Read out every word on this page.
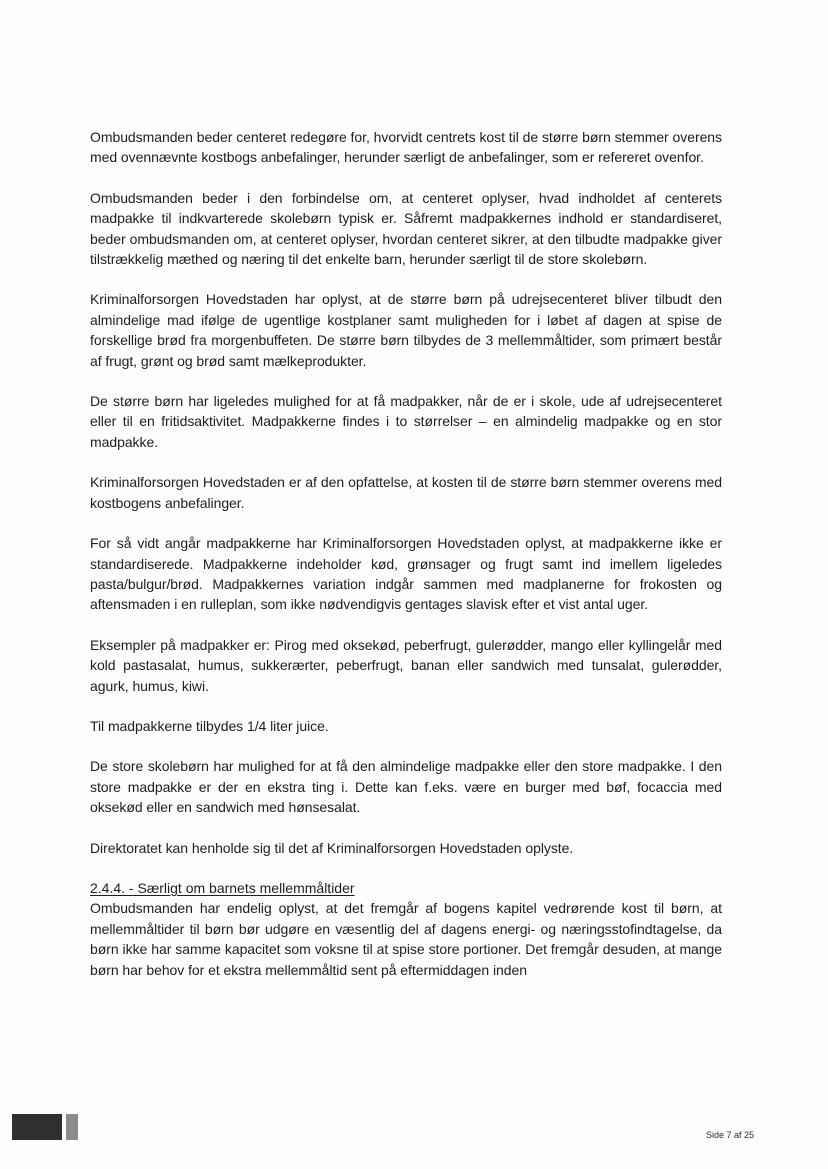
Ombudsmanden beder centeret redegøre for, hvorvidt centrets kost til de større børn stemmer overens med ovennævnte kostbogs anbefalinger, herunder særligt de anbefalinger, som er refereret ovenfor.

Ombudsmanden beder i den forbindelse om, at centeret oplyser, hvad indholdet af centerets madpakke til indkvarterede skolebørn typisk er. Såfremt madpakkernes indhold er standardiseret, beder ombudsmanden om, at centeret oplyser, hvordan centeret sikrer, at den tilbudte madpakke giver tilstrækkelig mæthed og næring til det enkelte barn, herunder særligt til de store skolebørn.

Kriminalforsorgen Hovedstaden har oplyst, at de større børn på udrejsecenteret bliver tilbudt den almindelige mad ifølge de ugentlige kostplaner samt muligheden for i løbet af dagen at spise de forskellige brød fra morgenbuffeten. De større børn tilbydes de 3 mellemmåltider, som primært består af frugt, grønt og brød samt mælkeprodukter.

De større børn har ligeledes mulighed for at få madpakker, når de er i skole, ude af udrejsecenteret eller til en fritidsaktivitet. Madpakkerne findes i to størrelser – en almindelig madpakke og en stor madpakke.

Kriminalforsorgen Hovedstaden er af den opfattelse, at kosten til de større børn stemmer overens med kostbogens anbefalinger.

For så vidt angår madpakkerne har Kriminalforsorgen Hovedstaden oplyst, at madpakkerne ikke er standardiserede. Madpakkerne indeholder kød, grønsager og frugt samt ind imellem ligeledes pasta/bulgur/brød. Madpakkernes variation indgår sammen med madplanerne for frokosten og aftensmaden i en rulleplan, som ikke nødvendigvis gentages slavisk efter et vist antal uger.

Eksempler på madpakker er: Pirog med oksekød, peberfrugt, gulerødder, mango eller kyllingelår med kold pastasalat, humus, sukkerærter, peberfrugt, banan eller sandwich med tunsalat, gulerødder, agurk, humus, kiwi.

Til madpakkerne tilbydes 1/4 liter juice.

De store skolebørn har mulighed for at få den almindelige madpakke eller den store madpakke. I den store madpakke er der en ekstra ting i. Dette kan f.eks. være en burger med bøf, focaccia med oksekød eller en sandwich med hønsesalat.

Direktoratet kan henholde sig til det af Kriminalforsorgen Hovedstaden oplyste.

2.4.4. - Særligt om barnets mellemmåltider

Ombudsmanden har endelig oplyst, at det fremgår af bogens kapitel vedrørende kost til børn, at mellemmåltider til børn bør udgøre en væsentlig del af dagens energi- og næringsstofindtagelse, da børn ikke har samme kapacitet som voksne til at spise store portioner. Det fremgår desuden, at mange børn har behov for et ekstra mellemmåltid sent på eftermiddagen inden

Side 7 af 25
